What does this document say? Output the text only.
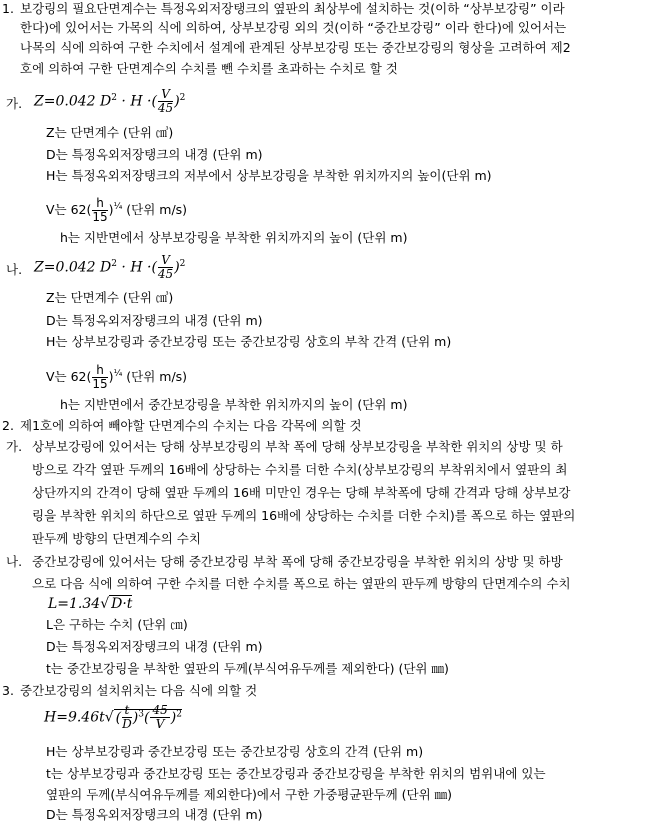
1. 보강링의 필요단면계수는 특정옥외저장탱크의 옆판의 최상부에 설치하는 것(이하 “상부보강링” 이라
한다)에 있어서는 가목의 식에 의하여, 상부보강링 외의 것(이하 “중간보강링” 이라 한다)에 있어서는
나목의 식에 의하여 구한 수치에서 설계에 관계된 상부보강링 또는 중간보강링의 형상을 고려하여 제2
호에 의하여 구한 단면계수의 수치를 뺀 수치를 초과하는 수치로 할 것
가. Z=0.042 $D^2 \cdot H$ ·( $\frac{V}{45} )^2$
Z는 단면계수 (단위 ㎤)
D는 특정옥외저장탱크의 내경 (단위 m)
H는 특정옥외저장탱크의 저부에서 상부보강링을 부착한 위치까지의 높이(단위 m)
V는 $62( \frac{h}{15} )^{\frac{1}{4}}$ (단위 m/s)
h는 지반면에서 상부보강링을 부착한 위치까지의 높이 (단위 m)
나. Z=0.042 $D^2 \cdot H$ ·( $\frac{V}{45} )^2$
Z는 단면계수 (단위 ㎤)
D는 특정옥외저장탱크의 내경 (단위 m)
H는 상부보강링과 중간보강링 또는 중간보강링 상호의 부착 간격 (단위 m)
V는 $62( \frac{h}{15} )^{\frac{1}{4}}$ (단위 m/s)
h는 지반면에서 중간보강링을 부착한 위치까지의 높이 (단위 m)
2. 제1호에 의하여 빼야할 단면계수의 수치는 다음 각목에 의할 것
가. 상부보강링에 있어서는 당해 상부보강링의 부착 폭에 당해 상부보강링을 부착한 위치의 상방 및 하
방으로 각각 옆판 두께의 16배에 상당하는 수치를 더한 수치(상부보강링의 부착위치에서 옆판의 최
상단까지의 간격이 당해 옆판 두께의 16배 미만인 경우는 당해 부착폭에 당해 간격과 당해 상부보강
링을 부착한 위치의 하단으로 옆판 두께의 16배에 상당하는 수치를 더한 수치)를 폭으로 하는 옆판의
판두께 방향의 단면계수의 수치
나. 중간보강링에 있어서는 당해 중간보강링 부착 폭에 당해 중간보강링을 부착한 위치의 상방 및 하방
으로 다음 식에 의하여 구한 수치를 더한 수치를 폭으로 하는 옆판의 판두께 방향의 단면계수의 수치
L=1.34√ D·t
L은 구하는 수치 (단위 ㎝)
D는 특정옥외저장탱크의 내경 (단위 m)
t는 중간보강링을 부착한 옆판의 두께(부식여유두께를 제외한다) (단위 ㎜)
3. 중간보강링의 설치위치는 다음 식에 의할 것
H=9.46t√ ( $\frac{t}{D} )^3( \frac{45}{V} )^2$
H는 상부보강링과 중간보강링 또는 중간보강링 상호의 간격 (단위 m)
t는 상부보강링과 중간보강링 또는 중간보강링과 중간보강링을 부착한 위치의 범위내에 있는
옆판의 두께(부식여유두께를 제외한다)에서 구한 가중평균판두께 (단위 ㎜)
D는 특정옥외저장탱크의 내경 (단위 m)
